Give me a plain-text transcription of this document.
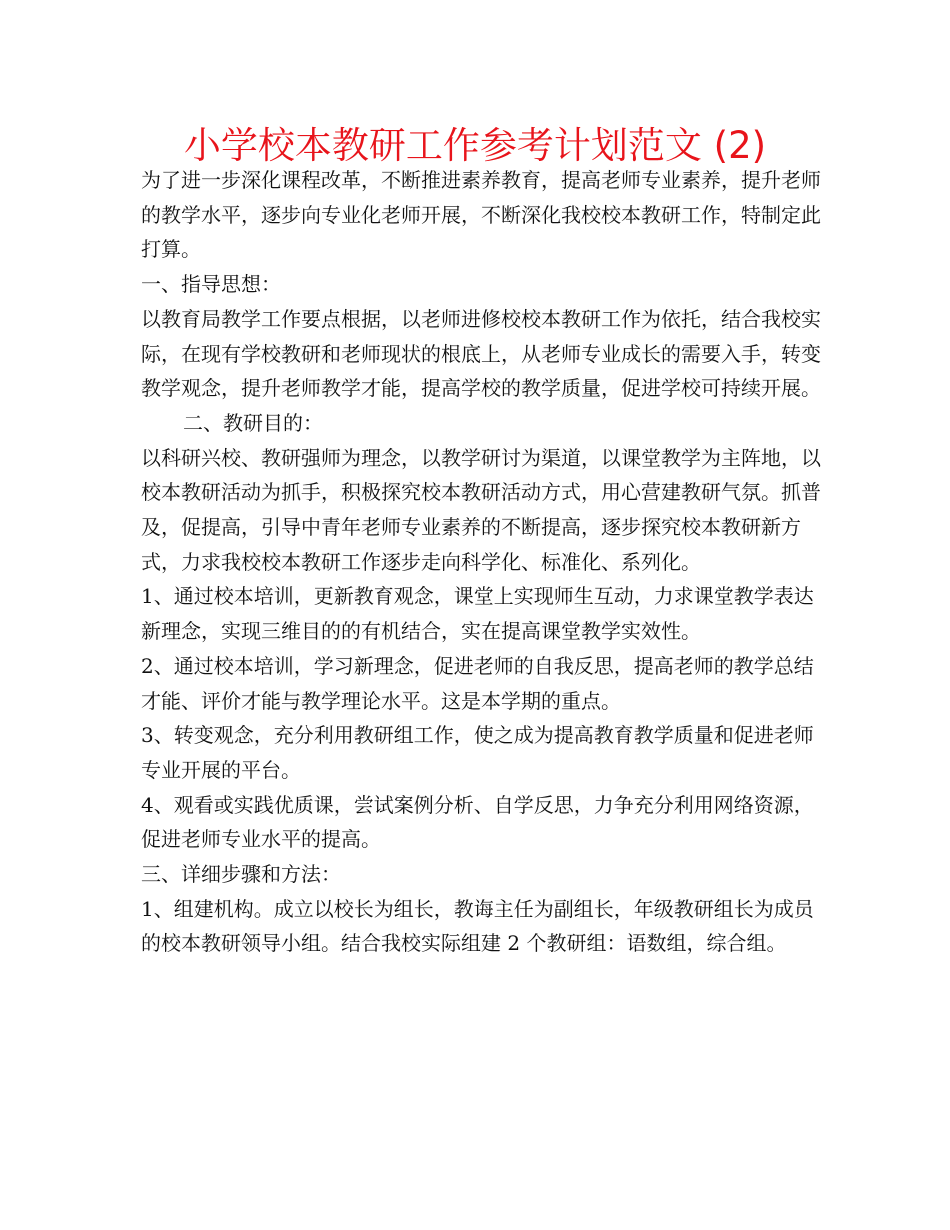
小学校本教研工作参考计划范文 (2)

为了进一步深化课程改革，不断推进素养教育，提高老师专业素养，提升老师的教学水平，逐步向专业化老师开展，不断深化我校校本教研工作，特制定此打算。

一、指导思想：

以教育局教学工作要点根据，以老师进修校校本教研工作为依托，结合我校实际，在现有学校教研和老师现状的根底上，从老师专业成长的需要入手，转变教学观念，提升老师教学才能，提高学校的教学质量，促进学校可持续开展。

二、教研目的：

以科研兴校、教研强师为理念，以教学研讨为渠道，以课堂教学为主阵地，以校本教研活动为抓手，积极探究校本教研活动方式，用心营建教研气氛。抓普及，促提高，引导中青年老师专业素养的不断提高，逐步探究校本教研新方式，力求我校校本教研工作逐步走向科学化、标准化、系列化。

1、通过校本培训，更新教育观念，课堂上实现师生互动，力求课堂教学表达新理念，实现三维目的的有机结合，实在提高课堂教学实效性。

2、通过校本培训，学习新理念，促进老师的自我反思，提高老师的教学总结才能、评价才能与教学理论水平。这是本学期的重点。

3、转变观念，充分利用教研组工作，使之成为提高教育教学质量和促进老师专业开展的平台。

4、观看或实践优质课，尝试案例分析、自学反思，力争充分利用网络资源，促进老师专业水平的提高。

三、详细步骤和方法：

1、组建机构。成立以校长为组长，教诲主任为副组长，年级教研组长为成员的校本教研领导小组。结合我校实际组建 2 个教研组：语数组，综合组。
